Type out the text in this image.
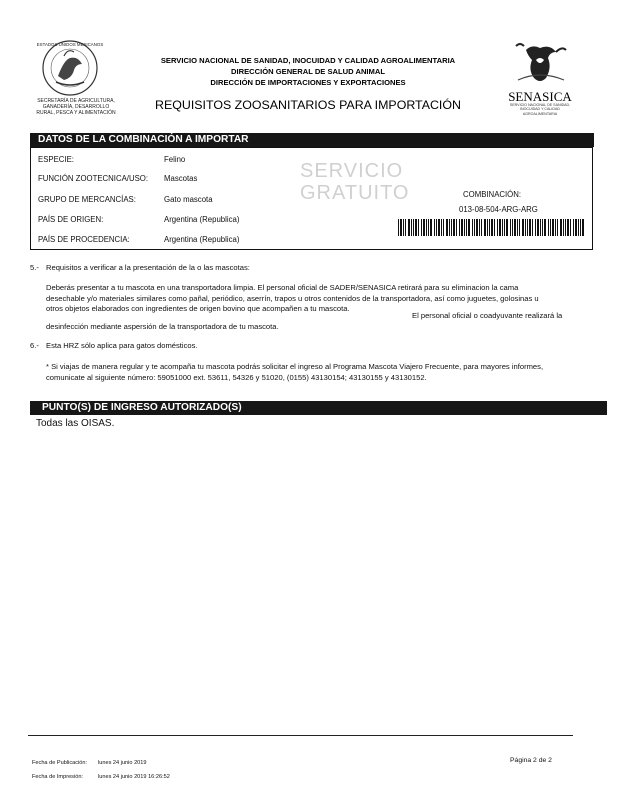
ESTADOS UNIDOS MEXICANOS
SECRETARÍA DE AGRICULTURA,
GANADERÍA, DESARROLLO
RURAL, PESCA Y ALIMENTACIÓN
SERVICIO NACIONAL DE SANIDAD, INOCUIDAD Y CALIDAD AGROALIMENTARIA
DIRECCIÓN GENERAL DE SALUD ANIMAL
DIRECCIÓN DE IMPORTACIONES Y EXPORTACIONES
REQUISITOS ZOOSANITARIOS PARA IMPORTACIÓN
SENASICA
SERVICIO NACIONAL DE SANIDAD,
INOCUIDAD Y CALIDAD
AGROALIMENTARIA
DATOS DE LA COMBINACIÓN A IMPORTAR
ESPECIE:	Felino
FUNCIÓN ZOOTECNICA/USO: Mascotas
GRUPO DE MERCANCÍAS:	Gato mascota
PAÍS DE ORIGEN:	Argentina (Republica)
PAÍS DE PROCEDENCIA:	Argentina (Republica)
SERVICIO
GRATUITO	COMBINACIÓN:
013-08-504-ARG-ARG
5.- Requisitos a verificar a la presentación de la o las mascotas:
Deberás presentar a tu mascota en una transportadora limpia. El personal oficial de SADER/SENASICA retirará para su eliminacion la cama
desechable y/o materiales similares como pañal, periódico, aserrín, trapos u otros contenidos de la transportadora, así como juguetes, golosinas u
otros objetos elaborados con ingredientes de origen bovino que acompañen a tu mascota.
El personal oficial o coadyuvante realizará la
desinfección mediante aspersión de la transportadora de tu mascota.
6.- Esta HRZ sólo aplica para gatos domésticos.
* Si viajas de manera regular y te acompaña tu mascota podrás solicitar el ingreso al Programa Mascota Viajero Frecuente, para mayores informes,
comunicate al siguiente número: 59051000 ext. 53611, 54326 y 51020, (0155) 43130154; 43130155 y 43130152.
PUNTO(S) DE INGRESO AUTORIZADO(S)
Todas las OISAS.
Fecha de Publicación: lunes 24 junio 2019
Fecha de Impresión:	lunes 24 junio 2019 16:26:52
Página 2 de 2
